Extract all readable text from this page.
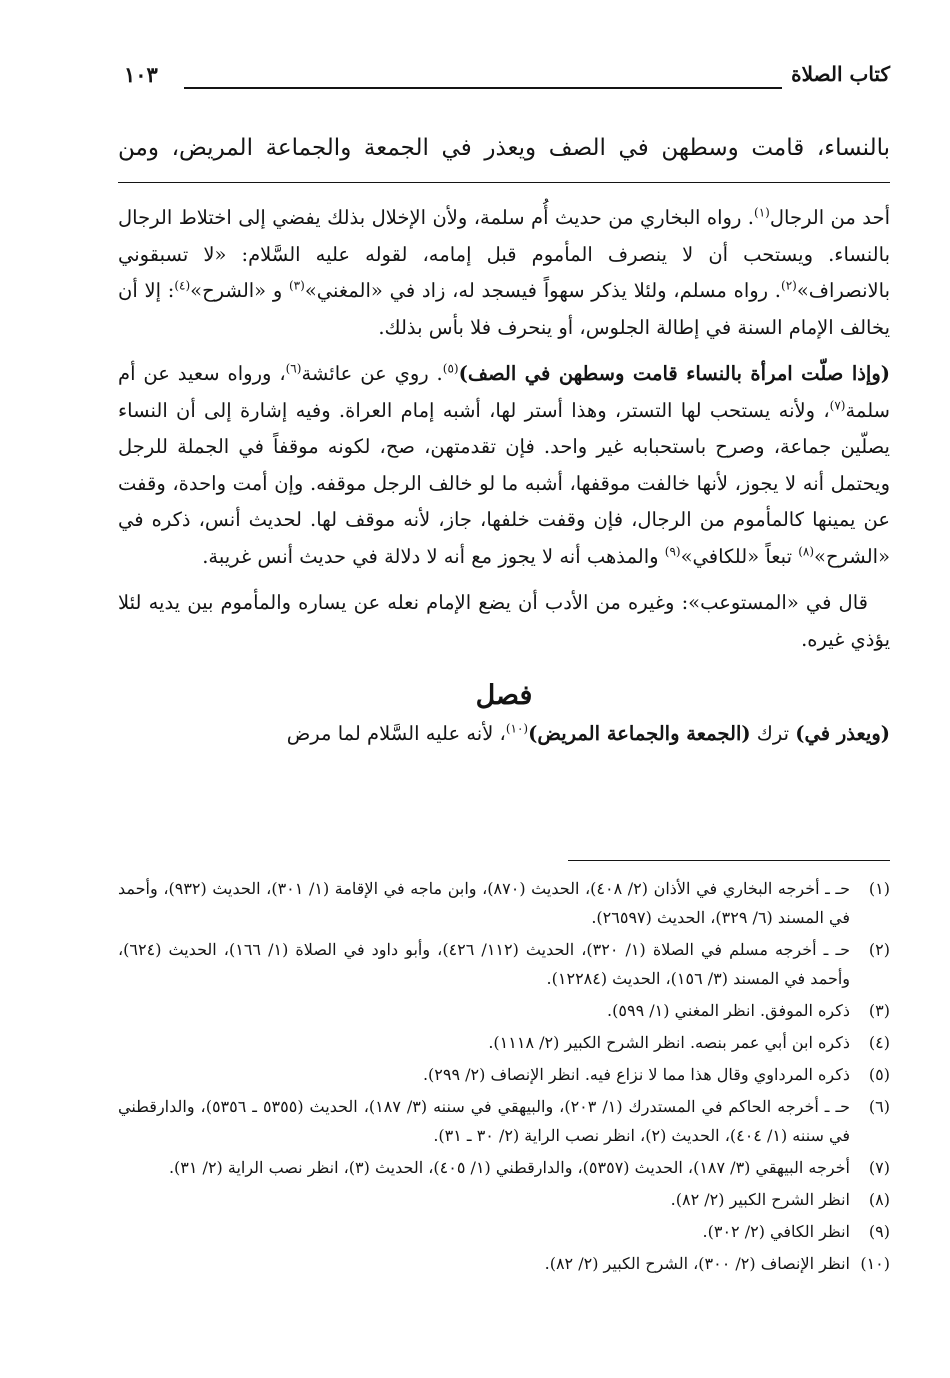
كتاب الصلاة
١٠٣
بالنساء، قامت وسطهن في الصف ويعذر في الجمعة والجماعة المريض، ومن

أحد من الرجال$^{(١)}$. رواه البخاري من حديث أُم سلمة، ولأن الإخلال بذلك يفضي إلى اختلاط الرجال بالنساء. ويستحب أن لا ينصرف المأموم قبل إمامه، لقوله عليه السَّلام: «لا تسبقوني بالانصراف»$^{(٢)}$. رواه مسلم، ولئلا يذكر سهواً فيسجد له، زاد في «المغني»$^{(٣)}$ و «الشرح»$^{(٤)}$: إلا أن يخالف الإمام السنة في إطالة الجلوس، أو ينحرف فلا بأس بذلك.

(وإذا صلّت امرأة بالنساء قامت وسطهن في الصف)$^{(٥)}$. روي عن عائشة$^{(٦)}$، ورواه سعيد عن أم سلمة$^{(٧)}$، ولأنه يستحب لها التستر، وهذا أستر لها، أشبه إمام العراة. وفيه إشارة إلى أن النساء يصلّين جماعة، وصرح باستحبابه غير واحد. فإن تقدمتهن، صح، لكونه موقفاً في الجملة للرجل ويحتمل أنه لا يجوز، لأنها خالفت موقفها، أشبه ما لو خالف الرجل موقفه. وإن أمت واحدة، وقفت عن يمينها كالمأموم من الرجال، فإن وقفت خلفها، جاز، لأنه موقف لها. لحديث أنس، ذكره في «الشرح»$^{(٨)}$ تبعاً «للكافي»$^{(٩)}$ والمذهب أنه لا يجوز مع أنه لا دلالة في حديث أنس غريبة.

قال في «المستوعب»: وغيره من الأدب أن يضع الإمام نعله عن يساره والمأموم بين يديه لئلا يؤذي غيره.

فصل

(ويعذر في) ترك (الجمعة والجماعة المريض)$^{(١٠)}$، لأنه عليه السَّلام لما مرض

(١)
حـ ـ أخرجه البخاري في الأذان (٢/ ٤٠٨)، الحديث (٨٧٠)، وابن ماجه في الإقامة (١/ ٣٠١)، الحديث (٩٣٢)، وأحمد في المسند (٦/ ٣٢٩)، الحديث (٢٦٥٩٧).
(٢)
حـ ـ أخرجه مسلم في الصلاة (١/ ٣٢٠)، الحديث (١١٢/ ٤٢٦)، وأبو داود في الصلاة (١/ ١٦٦)، الحديث (٦٢٤)، وأحمد في المسند (٣/ ١٥٦)، الحديث (١٢٢٨٤).
(٣)
ذكره الموفق. انظر المغني (١/ ٥٩٩).
(٤)
ذكره ابن أبي عمر بنصه. انظر الشرح الكبير (٢/ ١١١٨).
(٥)
ذكره المرداوي وقال هذا مما لا نزاع فيه. انظر الإنصاف (٢/ ٢٩٩).
(٦)
حـ ـ أخرجه الحاكم في المستدرك (١/ ٢٠٣)، والبيهقي في سننه (٣/ ١٨٧)، الحديث (٥٣٥٥ ـ ٥٣٥٦)، والدارقطني في سننه (١/ ٤٠٤)، الحديث (٢)، انظر نصب الراية (٢/ ٣٠ ـ ٣١).
(٧)
أخرجه البيهقي (٣/ ١٨٧)، الحديث (٥٣٥٧)، والدارقطني (١/ ٤٠٥)، الحديث (٣)، انظر نصب الراية (٢/ ٣١).
(٨)
انظر الشرح الكبير (٢/ ٨٢).
(٩)
انظر الكافي (٢/ ٣٠٢).
(١٠)
انظر الإنصاف (٢/ ٣٠٠)، الشرح الكبير (٢/ ٨٢).
